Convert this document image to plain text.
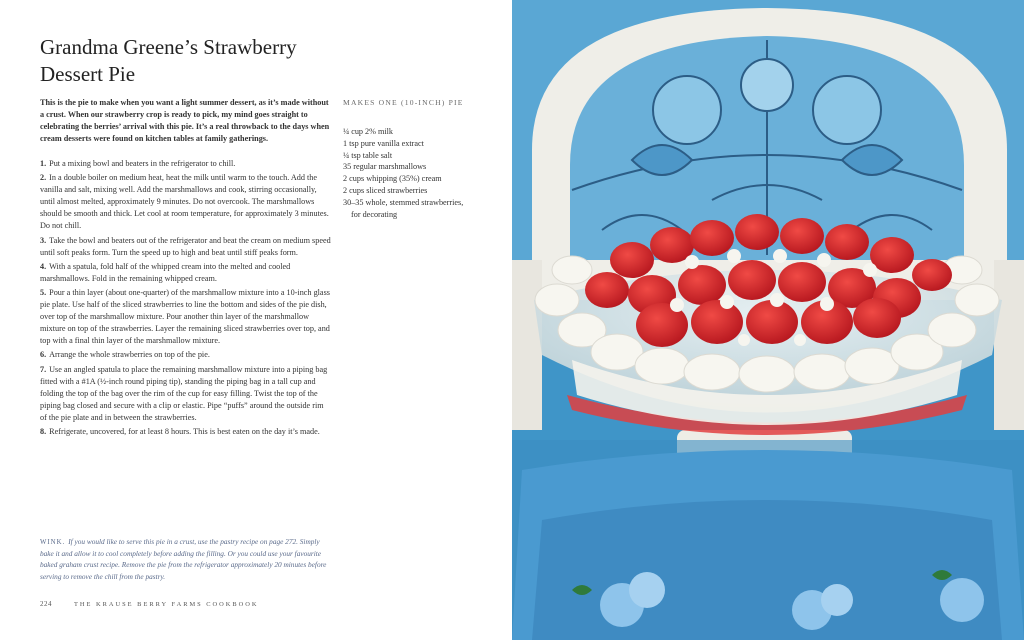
Grandma Greene’s Strawberry Dessert Pie
This is the pie to make when you want a light summer dessert, as it’s made without a crust. When our strawberry crop is ready to pick, my mind goes straight to celebrating the berries’ arrival with this pie. It’s a real throwback to the days when cream desserts were found on kitchen tables at family gatherings.
MAKES ONE (10-INCH) PIE
¼ cup 2% milk
1 tsp pure vanilla extract
¼ tsp table salt
35 regular marshmallows
2 cups whipping (35%) cream
2 cups sliced strawberries
30–35 whole, stemmed strawberries, for decorating
1. Put a mixing bowl and beaters in the refrigerator to chill.
2. In a double boiler on medium heat, heat the milk until warm to the touch. Add the vanilla and salt, mixing well. Add the marshmallows and cook, stirring occasionally, until almost melted, approximately 9 minutes. Do not overcook. The marshmallows should be smooth and thick. Let cool at room temperature, for approximately 3 minutes. Do not chill.
3. Take the bowl and beaters out of the refrigerator and beat the cream on medium speed until soft peaks form. Turn the speed up to high and beat until stiff peaks form.
4. With a spatula, fold half of the whipped cream into the melted and cooled marshmallows. Fold in the remaining whipped cream.
5. Pour a thin layer (about one-quarter) of the marshmallow mixture into a 10-inch glass pie plate. Use half of the sliced strawberries to line the bottom and sides of the pie dish, over top of the marshmallow mixture. Pour another thin layer of the marshmallow mixture on top of the strawberries. Layer the remaining sliced strawberries over top, and top with a final thin layer of the marshmallow mixture.
6. Arrange the whole strawberries on top of the pie.
7. Use an angled spatula to place the remaining marshmallow mixture into a piping bag fitted with a #1A (½-inch round piping tip), standing the piping bag in a tall cup and folding the top of the bag over the rim of the cup for easy filling. Twist the top of the piping bag closed and secure with a clip or elastic. Pipe “puffs” around the outside rim of the pie plate and in between the strawberries.
8. Refrigerate, uncovered, for at least 8 hours. This is best eaten on the day it’s made.
WINK. If you would like to serve this pie in a crust, use the pastry recipe on page 272. Simply bake it and allow it to cool completely before adding the filling. Or you could use your favourite baked graham crust recipe. Remove the pie from the refrigerator approximately 20 minutes before serving to remove the chill from the pastry.
224	THE KRAUSE BERRY FARMS COOKBOOK
